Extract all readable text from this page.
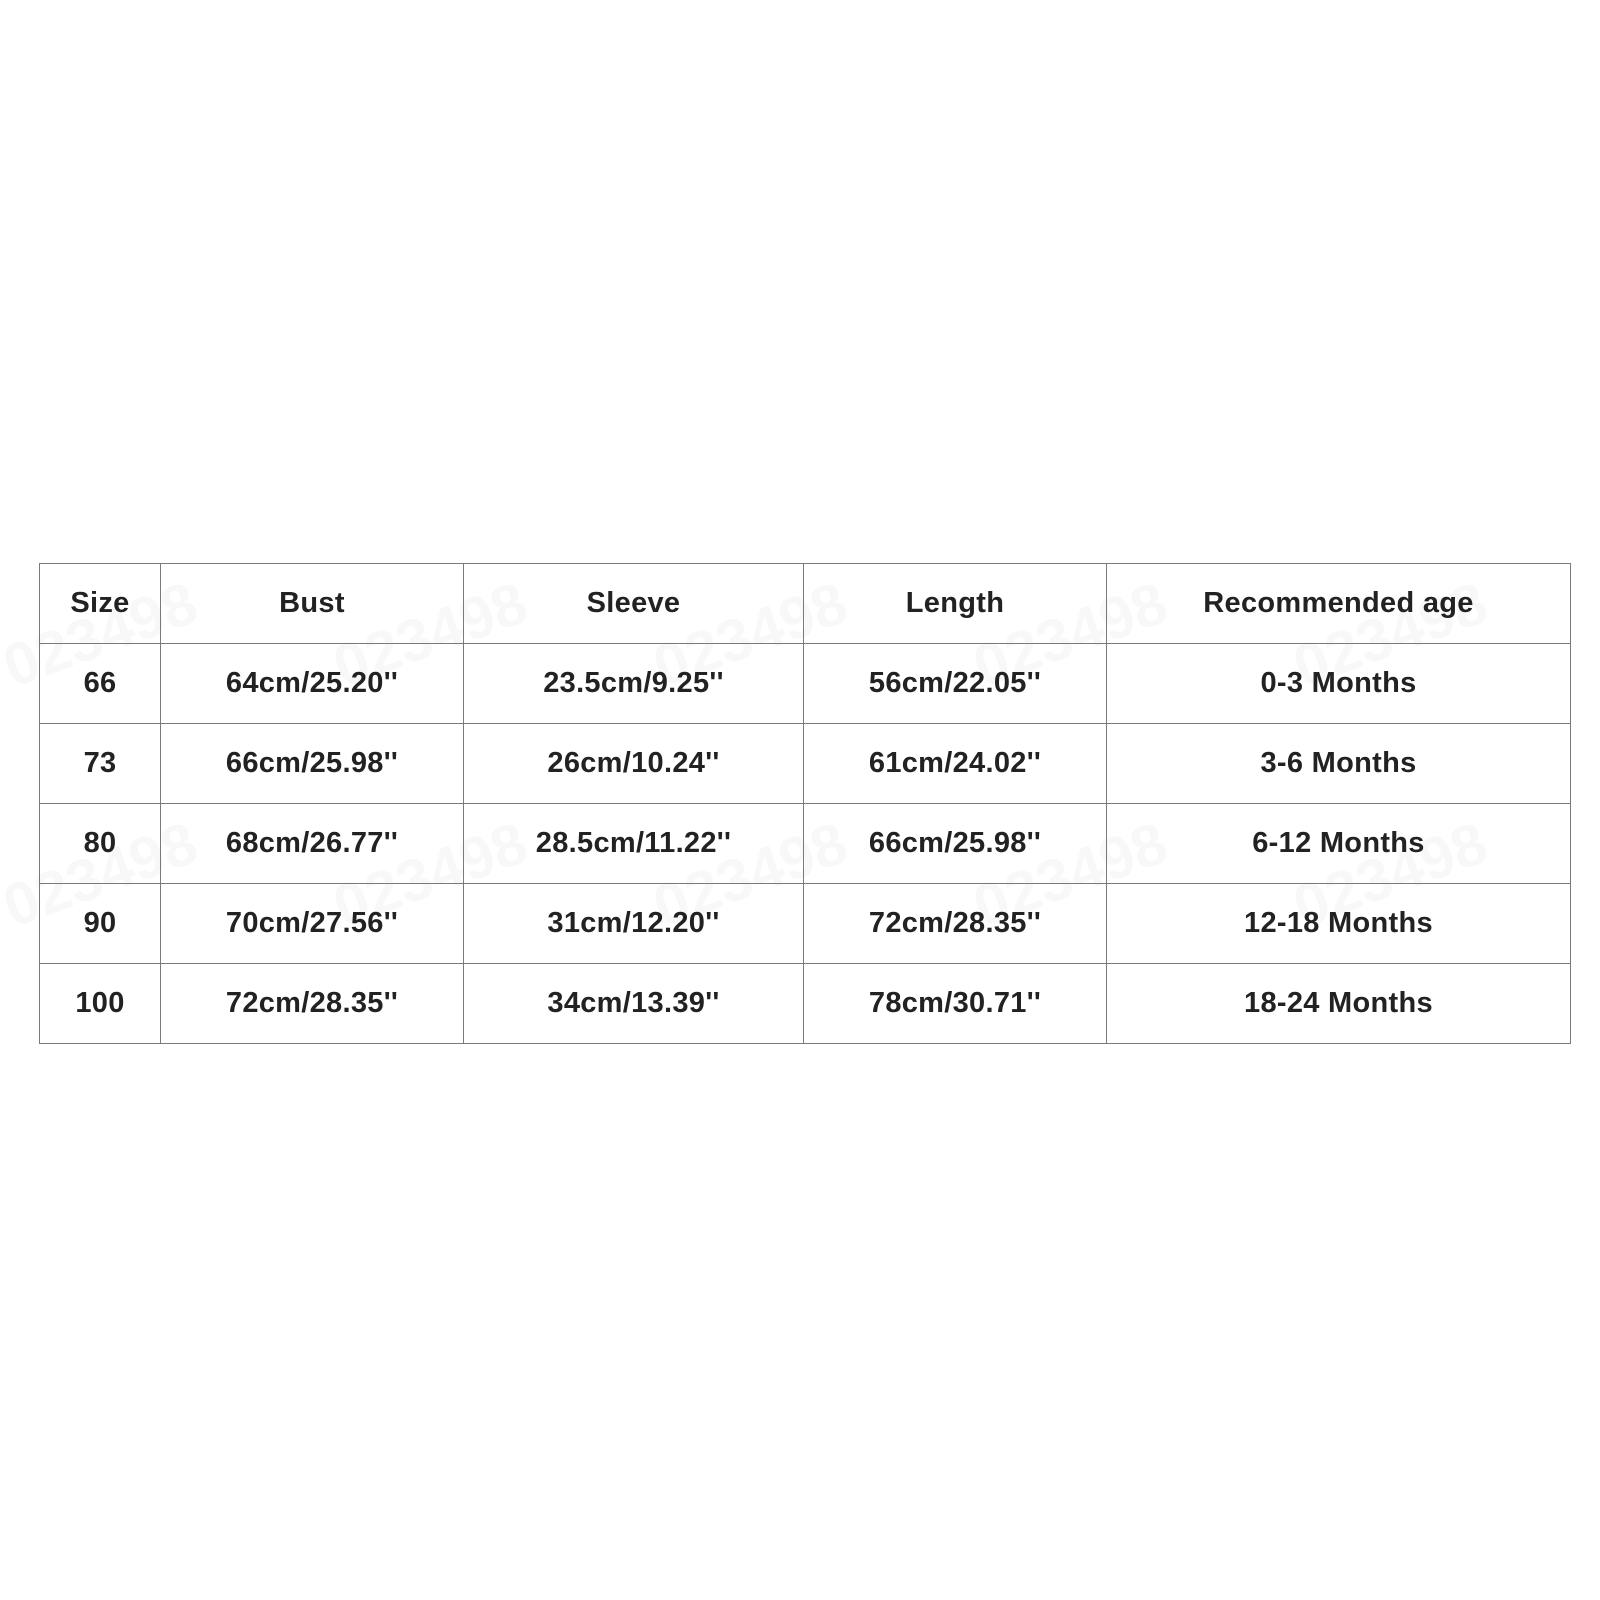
Size	Bust	Sleeve	Length	Recommended age
66	64cm/25.20''	23.5cm/9.25''	56cm/22.05''	0-3 Months
73	66cm/25.98''	26cm/10.24''	61cm/24.02''	3-6 Months
80	68cm/26.77''	28.5cm/11.22''	66cm/25.98''	6-12 Months
90	70cm/27.56''	31cm/12.20''	72cm/28.35''	12-18 Months
100	72cm/28.35''	34cm/13.39''	78cm/30.71''	18-24 Months
